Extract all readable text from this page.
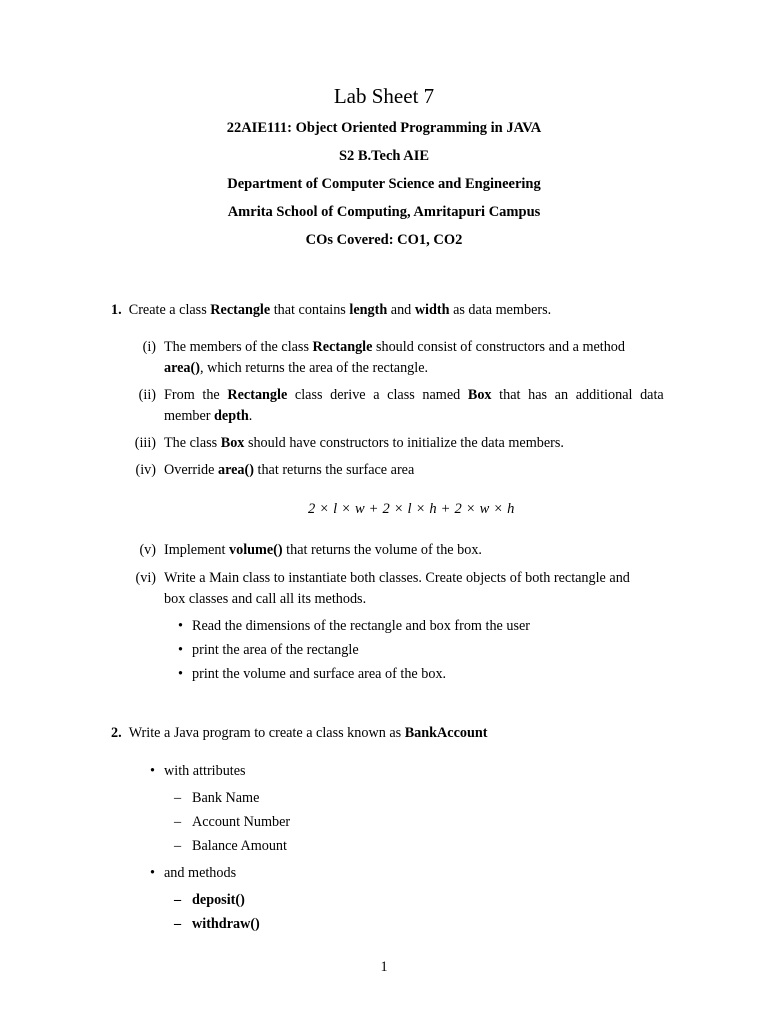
Lab Sheet 7
22AIE111: Object Oriented Programming in JAVA
S2 B.Tech AIE
Department of Computer Science and Engineering
Amrita School of Computing, Amritapuri Campus
COs Covered: CO1, CO2
1. Create a class Rectangle that contains length and width as data members.
(i) The members of the class Rectangle should consist of constructors and a method
area(), which returns the area of the rectangle.
(ii) From the Rectangle class derive a class named Box that has an additional data
member depth.
(iii) The class Box should have constructors to initialize the data members.
(iv) Override area() that returns the surface area
2 × l × w + 2 × l × h + 2 × w × h
(v) Implement volume() that returns the volume of the box.
(vi) Write a Main class to instantiate both classes. Create objects of both rectangle and
box classes and call all its methods.
• Read the dimensions of the rectangle and box from the user
• print the area of the rectangle
• print the volume and surface area of the box.
2. Write a Java program to create a class known as BankAccount
• with attributes
– Bank Name
– Account Number
– Balance Amount
• and methods
– deposit()
– withdraw()
1
